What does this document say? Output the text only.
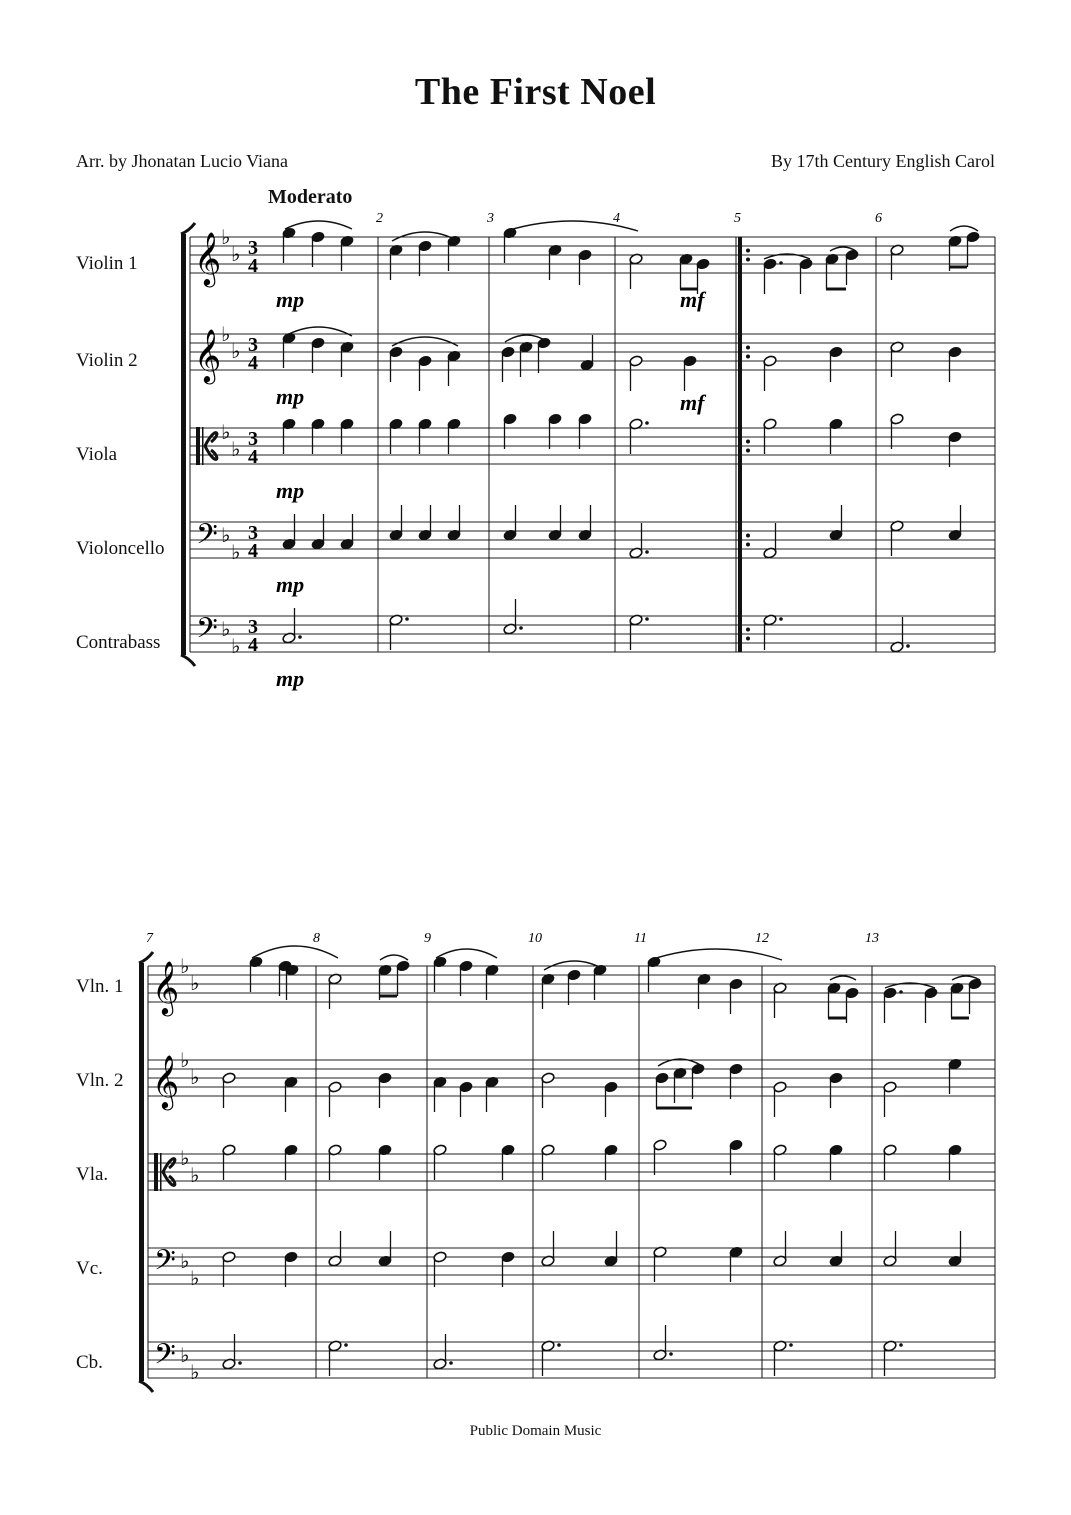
The First Noel
Arr. by Jhonatan Lucio Viana	By 17th Century English Carol
Moderato
Violin 1
Violin 2
Viola
Violoncello
Contrabass
Vln. 1
Vln. 2
Vla.
Vc.
Cb.
𝄞 ♭
♭ 3
4
𝄞 ♭
♭ 3
4
♭
♭ 3
4
𝄢 ♭
♭
3
4
𝄢 ♭
♭
3
4
𝄞 ♭
♭
𝄞 ♭
♭
♭
♭
𝄢 ♭
♭
𝄢 ♭
♭
2	3	4	5	6
7	8	9	10	11	12	13
mp	mf
mp	mf
mp
mp
mp
Public Domain Music
